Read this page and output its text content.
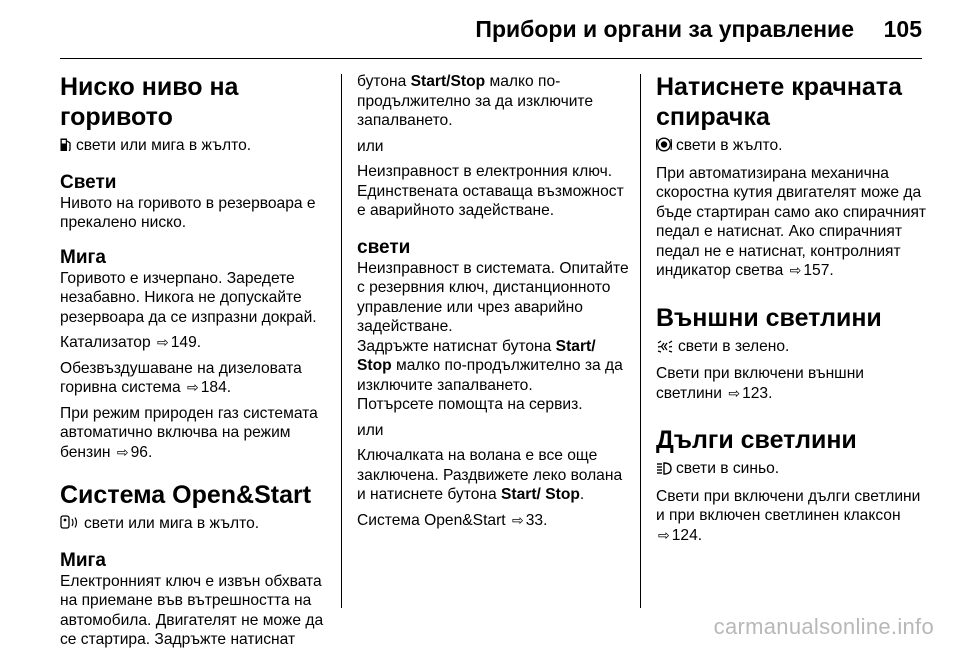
Прибори и органи за управление 105
Ниско ниво на горивото

свети или мига в жълто.

Свети

Нивото на горивото в резервоара е прекалено ниско.

Мига

Горивото е изчерпано. Заредете незабавно. Никога не допускайте резервоара да се изпразни докрай.

Катализатор ⇨ 149.

Обезвъздушаване на дизеловата горивна система ⇨ 184.

При режим природен газ системата автоматично включва на режим бензин ⇨ 96.

Система Open&Start

свети или мига в жълто.

Мига

Електронният ключ е извън обхвата на приемане във вътрешността на автомобила. Двигателят не може да се стартира. Задръжте натиснат

бутона Start/Stop малко по-продължително за да изключите запалването.

или

Неизправност в електронния ключ. Единствената оставаща възможност е аварийното задействане.

свети

Неизправност в системата. Опитайте с резервния ключ, дистанционното управление или чрез аварийно задействане.

Задръжте натиснат бутона Start/ Stop малко по-продължително за да изключите запалването.

Потърсете помощта на сервиз.

или

Ключалката на волана е все още заключена. Раздвижете леко волана и натиснете бутона Start/ Stop.

Система Open&Start ⇨ 33.

Натиснете крачната спирачка

свети в жълто.

При автоматизирана механична скоростна кутия двигателят може да бъде стартиран само ако спирачният педал е натиснат. Ако спирачният педал не е натиснат, контролният индикатор светва ⇨ 157.

Външни светлини

свети в зелено.

Свети при включени външни светлини ⇨ 123.

Дълги светлини

свети в синьо.

Свети при включени дълги светлини и при включен светлинен клаксон ⇨ 124.

carmanualsonline.info
